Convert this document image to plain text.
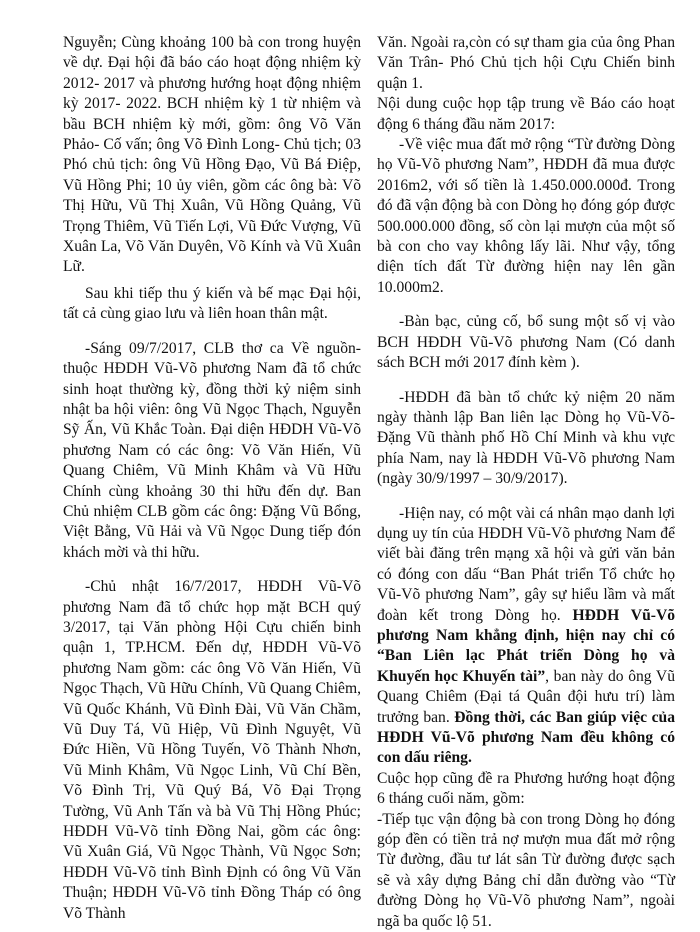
Nguyễn; Cùng khoảng 100 bà con trong huyện về dự. Đại hội đã báo cáo hoạt động nhiệm kỳ 2012- 2017 và phương hướng hoạt động nhiệm kỳ 2017- 2022. BCH nhiệm kỳ 1 từ nhiệm và bầu BCH nhiệm kỳ mới, gồm: ông Võ Văn Phảo- Cố vấn; ông Võ Đình Long- Chủ tịch; 03 Phó chủ tịch: ông Vũ Hồng Đạo, Vũ Bá Điệp, Vũ Hồng Phi; 10 ủy viên, gồm các ông bà: Võ Thị Hữu, Vũ Thị Xuân, Vũ Hồng Quảng, Vũ Trọng Thiêm, Vũ Tiến Lợi, Vũ Đức Vượng, Vũ Xuân La, Võ Văn Duyên, Võ Kính và Vũ Xuân Lữ.

Sau khi tiếp thu ý kiến và bế mạc Đại hội, tất cả cùng giao lưu và liên hoan thân mật.

-Sáng 09/7/2017, CLB thơ ca Về nguồn- thuộc HĐDH Vũ-Võ phương Nam đã tổ chức sinh hoạt thường kỳ, đồng thời kỷ niệm sinh nhật ba hội viên: ông Vũ Ngọc Thạch, Nguyễn Sỹ Ấn, Vũ Khắc Toàn. Đại diện HĐDH Vũ-Võ phương Nam có các ông: Võ Văn Hiến, Vũ Quang Chiêm, Vũ Minh Khâm và Vũ Hữu Chính cùng khoảng 30 thi hữu đến dự. Ban Chủ nhiệm CLB gồm các ông: Đặng Vũ Bổng, Việt Bằng, Vũ Hải và Vũ Ngọc Dung tiếp đón khách mời và thi hữu.

-Chủ nhật 16/7/2017, HĐDH Vũ-Võ phương Nam đã tổ chức họp mặt BCH quý 3/2017, tại Văn phòng Hội Cựu chiến binh quận 1, TP.HCM. Đến dự, HĐDH Vũ-Võ phương Nam gồm: các ông Võ Văn Hiến, Vũ Ngọc Thạch, Vũ Hữu Chính, Vũ Quang Chiêm, Vũ Quốc Khánh, Vũ Đình Đài, Vũ Văn Chầm, Vũ Duy Tá, Vũ Hiệp, Vũ Đình Nguyệt, Vũ Đức Hiền, Vũ Hồng Tuyến, Võ Thành Nhơn, Vũ Minh Khâm, Vũ Ngọc Linh, Vũ Chí Bền, Võ Đình Trị, Vũ Quý Bá, Võ Đại Trọng Tường, Vũ Anh Tấn và bà Vũ Thị Hồng Phúc; HĐDH Vũ-Võ tỉnh Đồng Nai, gồm các ông: Vũ Xuân Giá, Vũ Ngọc Thành, Vũ Ngọc Sơn; HĐDH Vũ-Võ tỉnh Bình Định có ông Vũ Văn Thuận; HĐDH Vũ-Võ tỉnh Đồng Tháp có ông Võ Thành

Văn. Ngoài ra,còn có sự tham gia của ông Phan Văn Trân- Phó Chủ tịch hội Cựu Chiến binh quận 1.

Nội dung cuộc họp tập trung về Báo cáo hoạt động 6 tháng đầu năm 2017:

-Về việc mua đất mở rộng “Từ đường Dòng họ Vũ-Võ phương Nam”, HĐDH đã mua được 2016m2, với số tiền là 1.450.000.000đ. Trong đó đã vận động bà con Dòng họ đóng góp được 500.000.000 đồng, số còn lại mượn của một số bà con cho vay không lấy lãi. Như vậy, tổng diện tích đất Từ đường hiện nay lên gần 10.000m2.

-Bàn bạc, củng cố, bổ sung một số vị vào BCH HĐDH Vũ-Võ phương Nam (Có danh sách BCH mới 2017 đính kèm ).

-HĐDH đã bàn tổ chức kỷ niệm 20 năm ngày thành lập Ban liên lạc Dòng họ Vũ-Võ- Đặng Vũ thành phố Hồ Chí Minh và khu vực phía Nam, nay là HĐDH Vũ-Võ phương Nam (ngày 30/9/1997 – 30/9/2017).

-Hiện nay, có một vài cá nhân mạo danh lợi dụng uy tín của HĐDH Vũ-Võ phương Nam để viết bài đăng trên mạng xã hội và gửi văn bản có đóng con dấu “Ban Phát triển Tổ chức họ Vũ-Võ phương Nam”, gây sự hiểu lầm và mất đoàn kết trong Dòng họ. HĐDH Vũ-Võ phương Nam khẳng định, hiện nay chỉ có “Ban Liên lạc Phát triển Dòng họ và Khuyến học Khuyến tài”, ban này do ông Vũ Quang Chiêm (Đại tá Quân đội hưu trí) làm trưởng ban. Đồng thời, các Ban giúp việc của HĐDH Vũ-Võ phương Nam đều không có con dấu riêng.

Cuộc họp cũng đề ra Phương hướng hoạt động 6 tháng cuối năm, gồm:

-Tiếp tục vận động bà con trong Dòng họ đóng góp đền có tiền trả nợ mượn mua đất mở rộng Từ đường, đầu tư lát sân Từ đường được sạch sẽ và xây dựng Bảng chỉ dẫn đường vào “Từ đường Dòng họ Vũ-Võ phương Nam”, ngoài ngã ba quốc lộ 51.
